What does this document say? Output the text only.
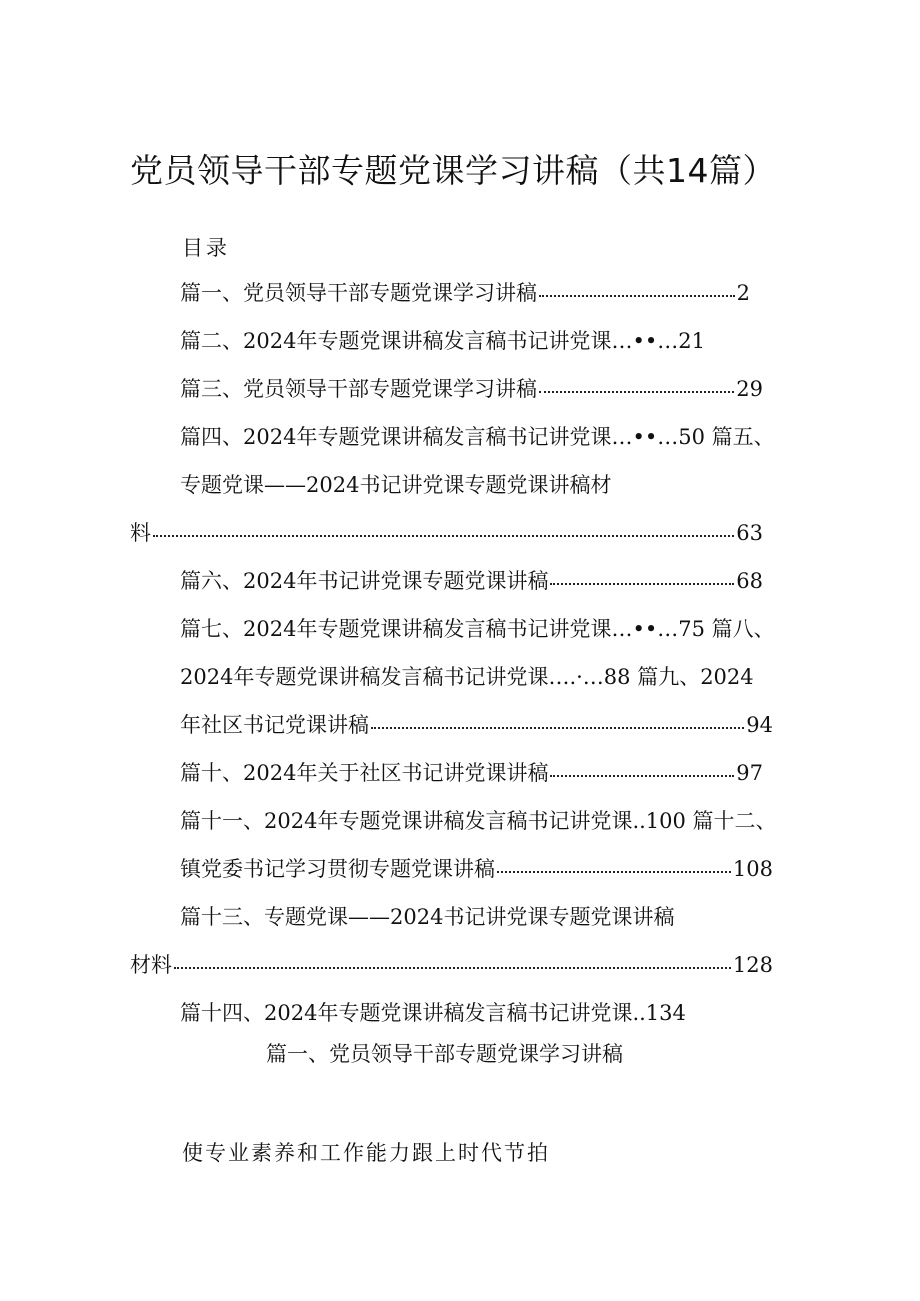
党员领导干部专题党课学习讲稿（共14篇）
目录
篇一、党员领导干部专题党课学习讲稿	2
篇二、2024年专题党课讲稿发言稿书记讲党课…••…21
篇三、党员领导干部专题党课学习讲稿	29
篇四、2024年专题党课讲稿发言稿书记讲党课…••…50 篇五、
专题党课——2024书记讲党课专题党课讲稿材
料	63
篇六、2024年书记讲党课专题党课讲稿	68
篇七、2024年专题党课讲稿发言稿书记讲党课…••…75 篇八、
2024年专题党课讲稿发言稿书记讲党课….·…88 篇九、2024
年社区书记党课讲稿	94
篇十、2024年关于社区书记讲党课讲稿	97
篇十一、2024年专题党课讲稿发言稿书记讲党课..100 篇十二、
镇党委书记学习贯彻专题党课讲稿	108
篇十三、专题党课——2024书记讲党课专题党课讲稿
材料	128
篇十四、2024年专题党课讲稿发言稿书记讲党课..134
篇一、党员领导干部专题党课学习讲稿
使专业素养和工作能力跟上时代节拍
